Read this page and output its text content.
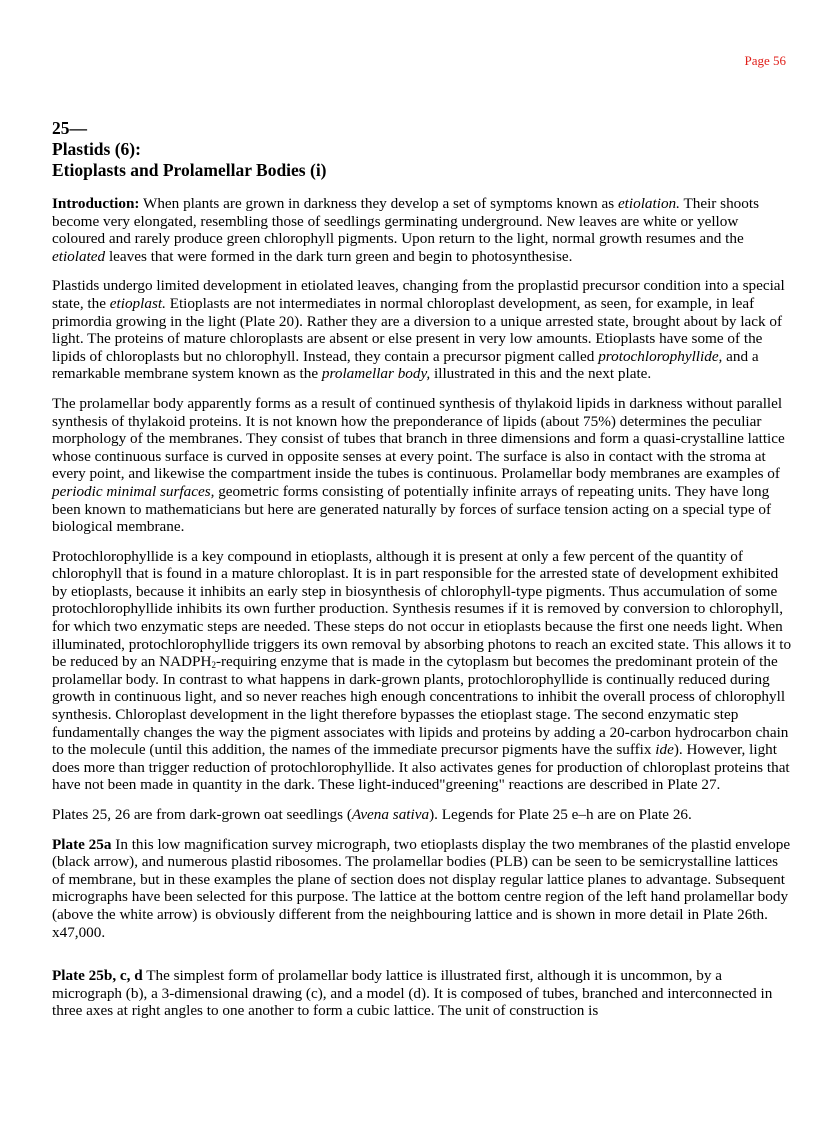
Page 56
25—
Plastids (6):
Etioplasts and Prolamellar Bodies (i)

Introduction: When plants are grown in darkness they develop a set of symptoms known as etiolation. Their shoots become very elongated, resembling those of seedlings germinating underground. New leaves are white or yellow coloured and rarely produce green chlorophyll pigments. Upon return to the light, normal growth resumes and the etiolated leaves that were formed in the dark turn green and begin to photosynthesise.

Plastids undergo limited development in etiolated leaves, changing from the proplastid precursor condition into a special state, the etioplast. Etioplasts are not intermediates in normal chloroplast development, as seen, for example, in leaf primordia growing in the light (Plate 20). Rather they are a diversion to a unique arrested state, brought about by lack of light. The proteins of mature chloroplasts are absent or else present in very low amounts. Etioplasts have some of the lipids of chloroplasts but no chlorophyll. Instead, they contain a precursor pigment called protochlorophyllide, and a remarkable membrane system known as the prolamellar body, illustrated in this and the next plate.

The prolamellar body apparently forms as a result of continued synthesis of thylakoid lipids in darkness without parallel synthesis of thylakoid proteins. It is not known how the preponderance of lipids (about 75%) determines the peculiar morphology of the membranes. They consist of tubes that branch in three dimensions and form a quasi-crystalline lattice whose continuous surface is curved in opposite senses at every point. The surface is also in contact with the stroma at every point, and likewise the compartment inside the tubes is continuous. Prolamellar body membranes are examples of periodic minimal surfaces, geometric forms consisting of potentially infinite arrays of repeating units. They have long been known to mathematicians but here are generated naturally by forces of surface tension acting on a special type of biological membrane.

Protochlorophyllide is a key compound in etioplasts, although it is present at only a few percent of the quantity of chlorophyll that is found in a mature chloroplast. It is in part responsible for the arrested state of development exhibited by etioplasts, because it inhibits an early step in biosynthesis of chlorophyll-type pigments. Thus accumulation of some protochlorophyllide inhibits its own further production. Synthesis resumes if it is removed by conversion to chlorophyll, for which two enzymatic steps are needed. These steps do not occur in etioplasts because the first one needs light. When illuminated, protochlorophyllide triggers its own removal by absorbing photons to reach an excited state. This allows it to be reduced by an $NADPH_2$-requiring enzyme that is made in the cytoplasm but becomes the predominant protein of the prolamellar body. In contrast to what happens in dark-grown plants, protochlorophyllide is continually reduced during growth in continuous light, and so never reaches high enough concentrations to inhibit the overall process of chlorophyll synthesis. Chloroplast development in the light therefore bypasses the etioplast stage. The second enzymatic step fundamentally changes the way the pigment associates with lipids and proteins by adding a 20-carbon hydrocarbon chain to the molecule (until this addition, the names of the immediate precursor pigments have the suffix ide). However, light does more than trigger reduction of protochlorophyllide. It also activates genes for production of chloroplast proteins that have not been made in quantity in the dark. These light-induced"greening" reactions are described in Plate 27.

Plates 25, 26 are from dark-grown oat seedlings (Avena sativa). Legends for Plate 25 e–h are on Plate 26.

Plate 25a In this low magnification survey micrograph, two etioplasts display the two membranes of the plastid envelope (black arrow), and numerous plastid ribosomes. The prolamellar bodies (PLB) can be seen to be semicrystalline lattices of membrane, but in these examples the plane of section does not display regular lattice planes to advantage. Subsequent micrographs have been selected for this purpose. The lattice at the bottom centre region of the left hand prolamellar body (above the white arrow) is obviously different from the neighbouring lattice and is shown in more detail in Plate 26th. x47,000.

Plate 25b, c, d The simplest form of prolamellar body lattice is illustrated first, although it is uncommon, by a micrograph (b), a 3-dimensional drawing (c), and a model (d). It is composed of tubes, branched and interconnected in three axes at right angles to one another to form a cubic lattice. The unit of construction is
